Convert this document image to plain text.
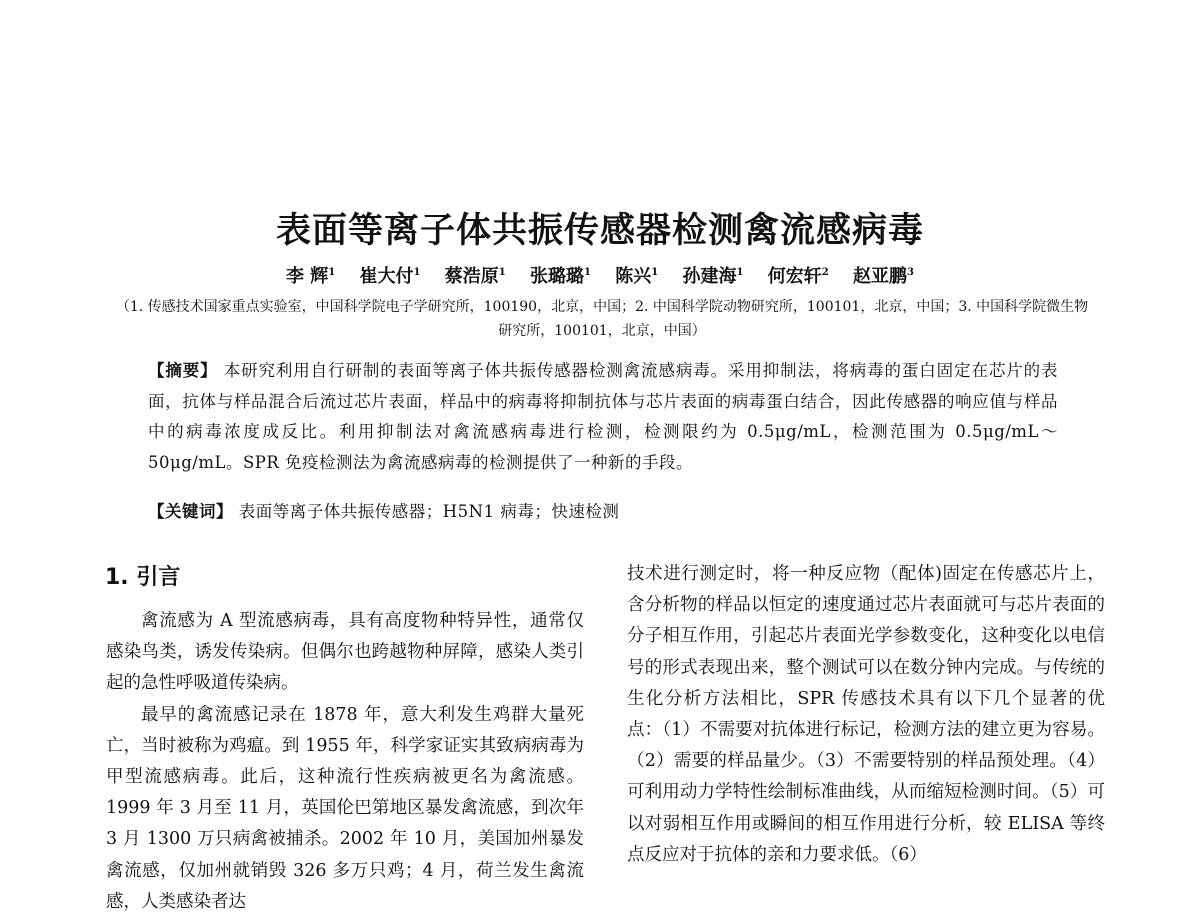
表面等离子体共振传感器检测禽流感病毒
李 辉$^1$ 崔大付$^1$ 蔡浩原$^1$ 张璐璐$^1$ 陈兴$^1$ 孙建海$^1$ 何宏轩$^2$ 赵亚鹏$^3$
（1. 传感技术国家重点实验室，中国科学院电子学研究所，100190，北京，中国；2. 中国科学院动物研究所，100101，北京，中国；3. 中国科学院微生物研究所，100101，北京，中国）
【摘要】 本研究利用自行研制的表面等离子体共振传感器检测禽流感病毒。采用抑制法，将病毒的蛋白固定在芯片的表面，抗体与样品混合后流过芯片表面，样品中的病毒将抑制抗体与芯片表面的病毒蛋白结合，因此传感器的响应值与样品中的病毒浓度成反比。利用抑制法对禽流感病毒进行检测，检测限约为 0.5μg/mL，检测范围为 0.5μg/mL～50μg/mL。SPR 免疫检测法为禽流感病毒的检测提供了一种新的手段。
【关键词】 表面等离子体共振传感器；H5N1 病毒；快速检测
1. 引言

禽流感为 A 型流感病毒，具有高度物种特异性，通常仅感染鸟类，诱发传染病。但偶尔也跨越物种屏障，感染人类引起的急性呼吸道传染病。

最早的禽流感记录在 1878 年，意大利发生鸡群大量死亡，当时被称为鸡瘟。到 1955 年，科学家证实其致病病毒为甲型流感病毒。此后，这种流行性疾病被更名为禽流感。1999 年 3 月至 11 月，英国伦巴第地区暴发禽流感，到次年 3 月 1300 万只病禽被捕杀。2002 年 10 月，美国加州暴发禽流感，仅加州就销毁 326 多万只鸡；4 月，荷兰发生禽流感，人类感染者达

技术进行测定时，将一种反应物（配体)固定在传感芯片上，含分析物的样品以恒定的速度通过芯片表面就可与芯片表面的分子相互作用，引起芯片表面光学参数变化，这种变化以电信号的形式表现出来，整个测试可以在数分钟内完成。与传统的生化分析方法相比，SPR 传感技术具有以下几个显著的优点：（1）不需要对抗体进行标记，检测方法的建立更为容易。（2）需要的样品量少。（3）不需要特别的样品预处理。（4）可利用动力学特性绘制标准曲线，从而缩短检测时间。（5）可以对弱相互作用或瞬间的相互作用进行分析，较 ELISA 等终点反应对于抗体的亲和力要求低。（6）
